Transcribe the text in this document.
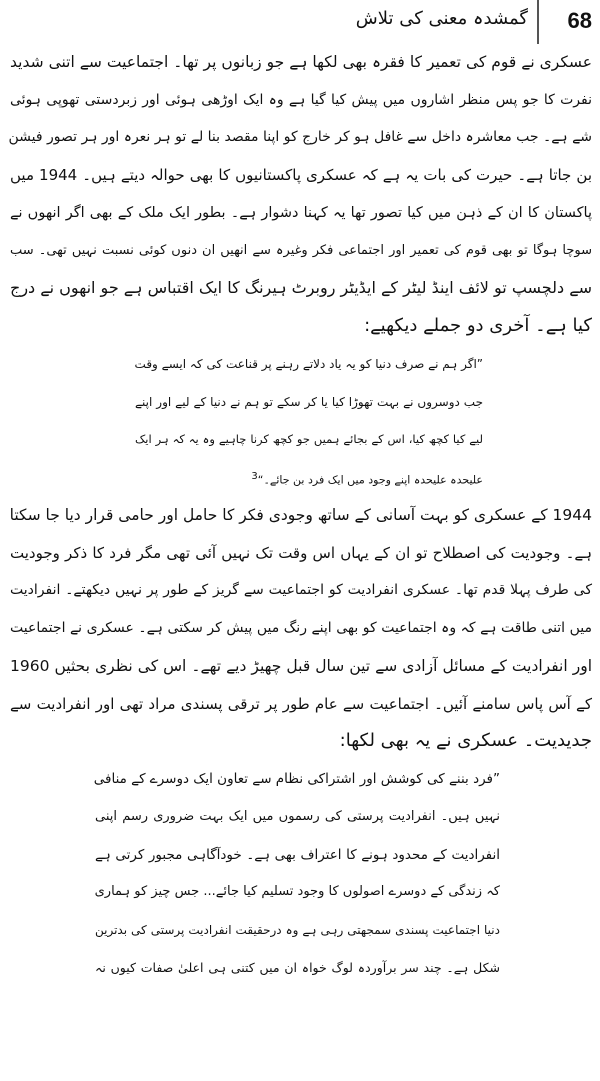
68
گمشدہ معنی کی تلاش
عسکری نے قوم کی تعمیر کا فقرہ بھی لکھا ہے جو زبانوں پر تھا۔ اجتماعیت سے اتنی شدید
نفرت کا جو پس منظر اشاروں میں پیش کیا گیا ہے وہ ایک اوڑھی ہوئی اور زبردستی تھوپی ہوئی
شے ہے۔ جب معاشرہ داخل سے غافل ہو کر خارج کو اپنا مقصد بنا لے تو ہر نعرہ اور ہر تصور فیشن
بن جاتا ہے۔ حیرت کی بات یہ ہے کہ عسکری پاکستانیوں کا بھی حوالہ دیتے ہیں۔ 1944 میں
پاکستان کا ان کے ذہن میں کیا تصور تھا یہ کہنا دشوار ہے۔ بطور ایک ملک کے بھی اگر انھوں نے
سوچا ہوگا تو بھی قوم کی تعمیر اور اجتماعی فکر وغیرہ سے انھیں ان دنوں کوئی نسبت نہیں تھی۔ سب
سے دلچسپ تو لائف اینڈ لیٹر کے ایڈیٹر روبرٹ ہیرنگ کا ایک اقتباس ہے جو انھوں نے درج
کیا ہے۔ آخری دو جملے دیکھیے:
”اگر ہم نے صرف دنیا کو یہ یاد دلاتے رہنے پر قناعت کی کہ ایسے وقت
جب دوسروں نے بہت تھوڑا کیا یا کر سکے تو ہم نے دنیا کے لیے اور اپنے
لیے کیا کچھ کیا، اس کے بجائے ہمیں جو کچھ کرنا چاہیے وہ یہ کہ ہر ایک
علیحدہ علیحدہ اپنے وجود میں ایک فرد بن جائے۔“$^3$
1944 کے عسکری کو بہت آسانی کے ساتھ وجودی فکر کا حامل اور حامی قرار دیا جا سکتا
ہے۔ وجودیت کی اصطلاح تو ان کے یہاں اس وقت تک نہیں آئی تھی مگر فرد کا ذکر وجودیت
کی طرف پہلا قدم تھا۔ عسکری انفرادیت کو اجتماعیت سے گریز کے طور پر نہیں دیکھتے۔ انفرادیت
میں اتنی طاقت ہے کہ وہ اجتماعیت کو بھی اپنے رنگ میں پیش کر سکتی ہے۔ عسکری نے اجتماعیت
اور انفرادیت کے مسائل آزادی سے تین سال قبل چھیڑ دیے تھے۔ اس کی نظری بحثیں 1960
کے آس پاس سامنے آئیں۔ اجتماعیت سے عام طور پر ترقی پسندی مراد تھی اور انفرادیت سے
جدیدیت۔ عسکری نے یہ بھی لکھا:
”فرد بننے کی کوشش اور اشتراکی نظام سے تعاون ایک دوسرے کے منافی
نہیں ہیں۔ انفرادیت پرستی کی رسموں میں ایک بہت ضروری رسم اپنی
انفرادیت کے محدود ہونے کا اعتراف بھی ہے۔ خودآگاہی مجبور کرتی ہے
کہ زندگی کے دوسرے اصولوں کا وجود تسلیم کیا جائے... جس چیز کو ہماری
دنیا اجتماعیت پسندی سمجھتی رہی ہے وہ درحقیقت انفرادیت پرستی کی بدترین
شکل ہے۔ چند سر برآوردہ لوگ خواہ ان میں کتنی ہی اعلیٰ صفات کیوں نہ
